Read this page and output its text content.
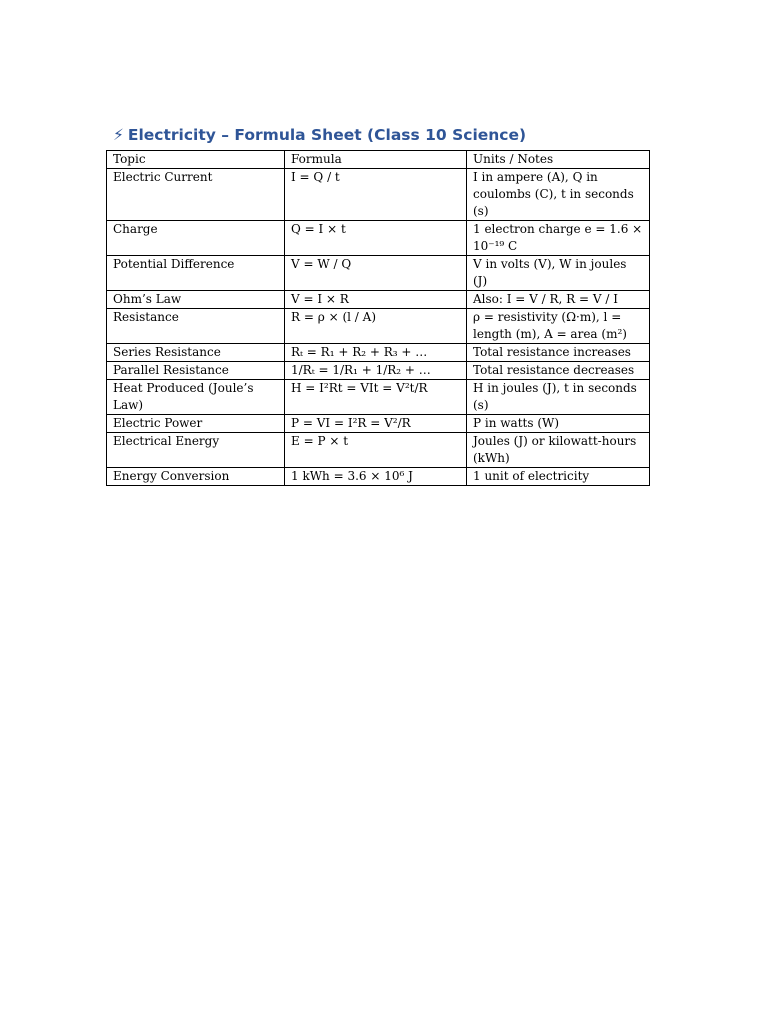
⚡ Electricity – Formula Sheet (Class 10 Science)
Topic	Formula	Units / Notes
Electric Current	I = Q / t	I in ampere (A), Q in coulombs (C), t in seconds (s)
Charge	Q = I × t	1 electron charge e = 1.6 × 10⁻¹⁹ C
Potential Difference	V = W / Q	V in volts (V), W in joules (J)
Ohm’s Law	V = I × R	Also: I = V / R, R = V / I
Resistance	R = ρ × (l / A)	ρ = resistivity (Ω·m), l = length (m), A = area (m²)
Series Resistance	Rₜ = R₁ + R₂ + R₃ + …	Total resistance increases
Parallel Resistance	1/Rₜ = 1/R₁ + 1/R₂ + …	Total resistance decreases
Heat Produced (Joule’s Law)	H = I²Rt = VIt = V²t/R	H in joules (J), t in seconds (s)
Electric Power	P = VI = I²R = V²/R	P in watts (W)
Electrical Energy	E = P × t	Joules (J) or kilowatt-hours (kWh)
Energy Conversion	1 kWh = 3.6 × 10⁶ J	1 unit of electricity
